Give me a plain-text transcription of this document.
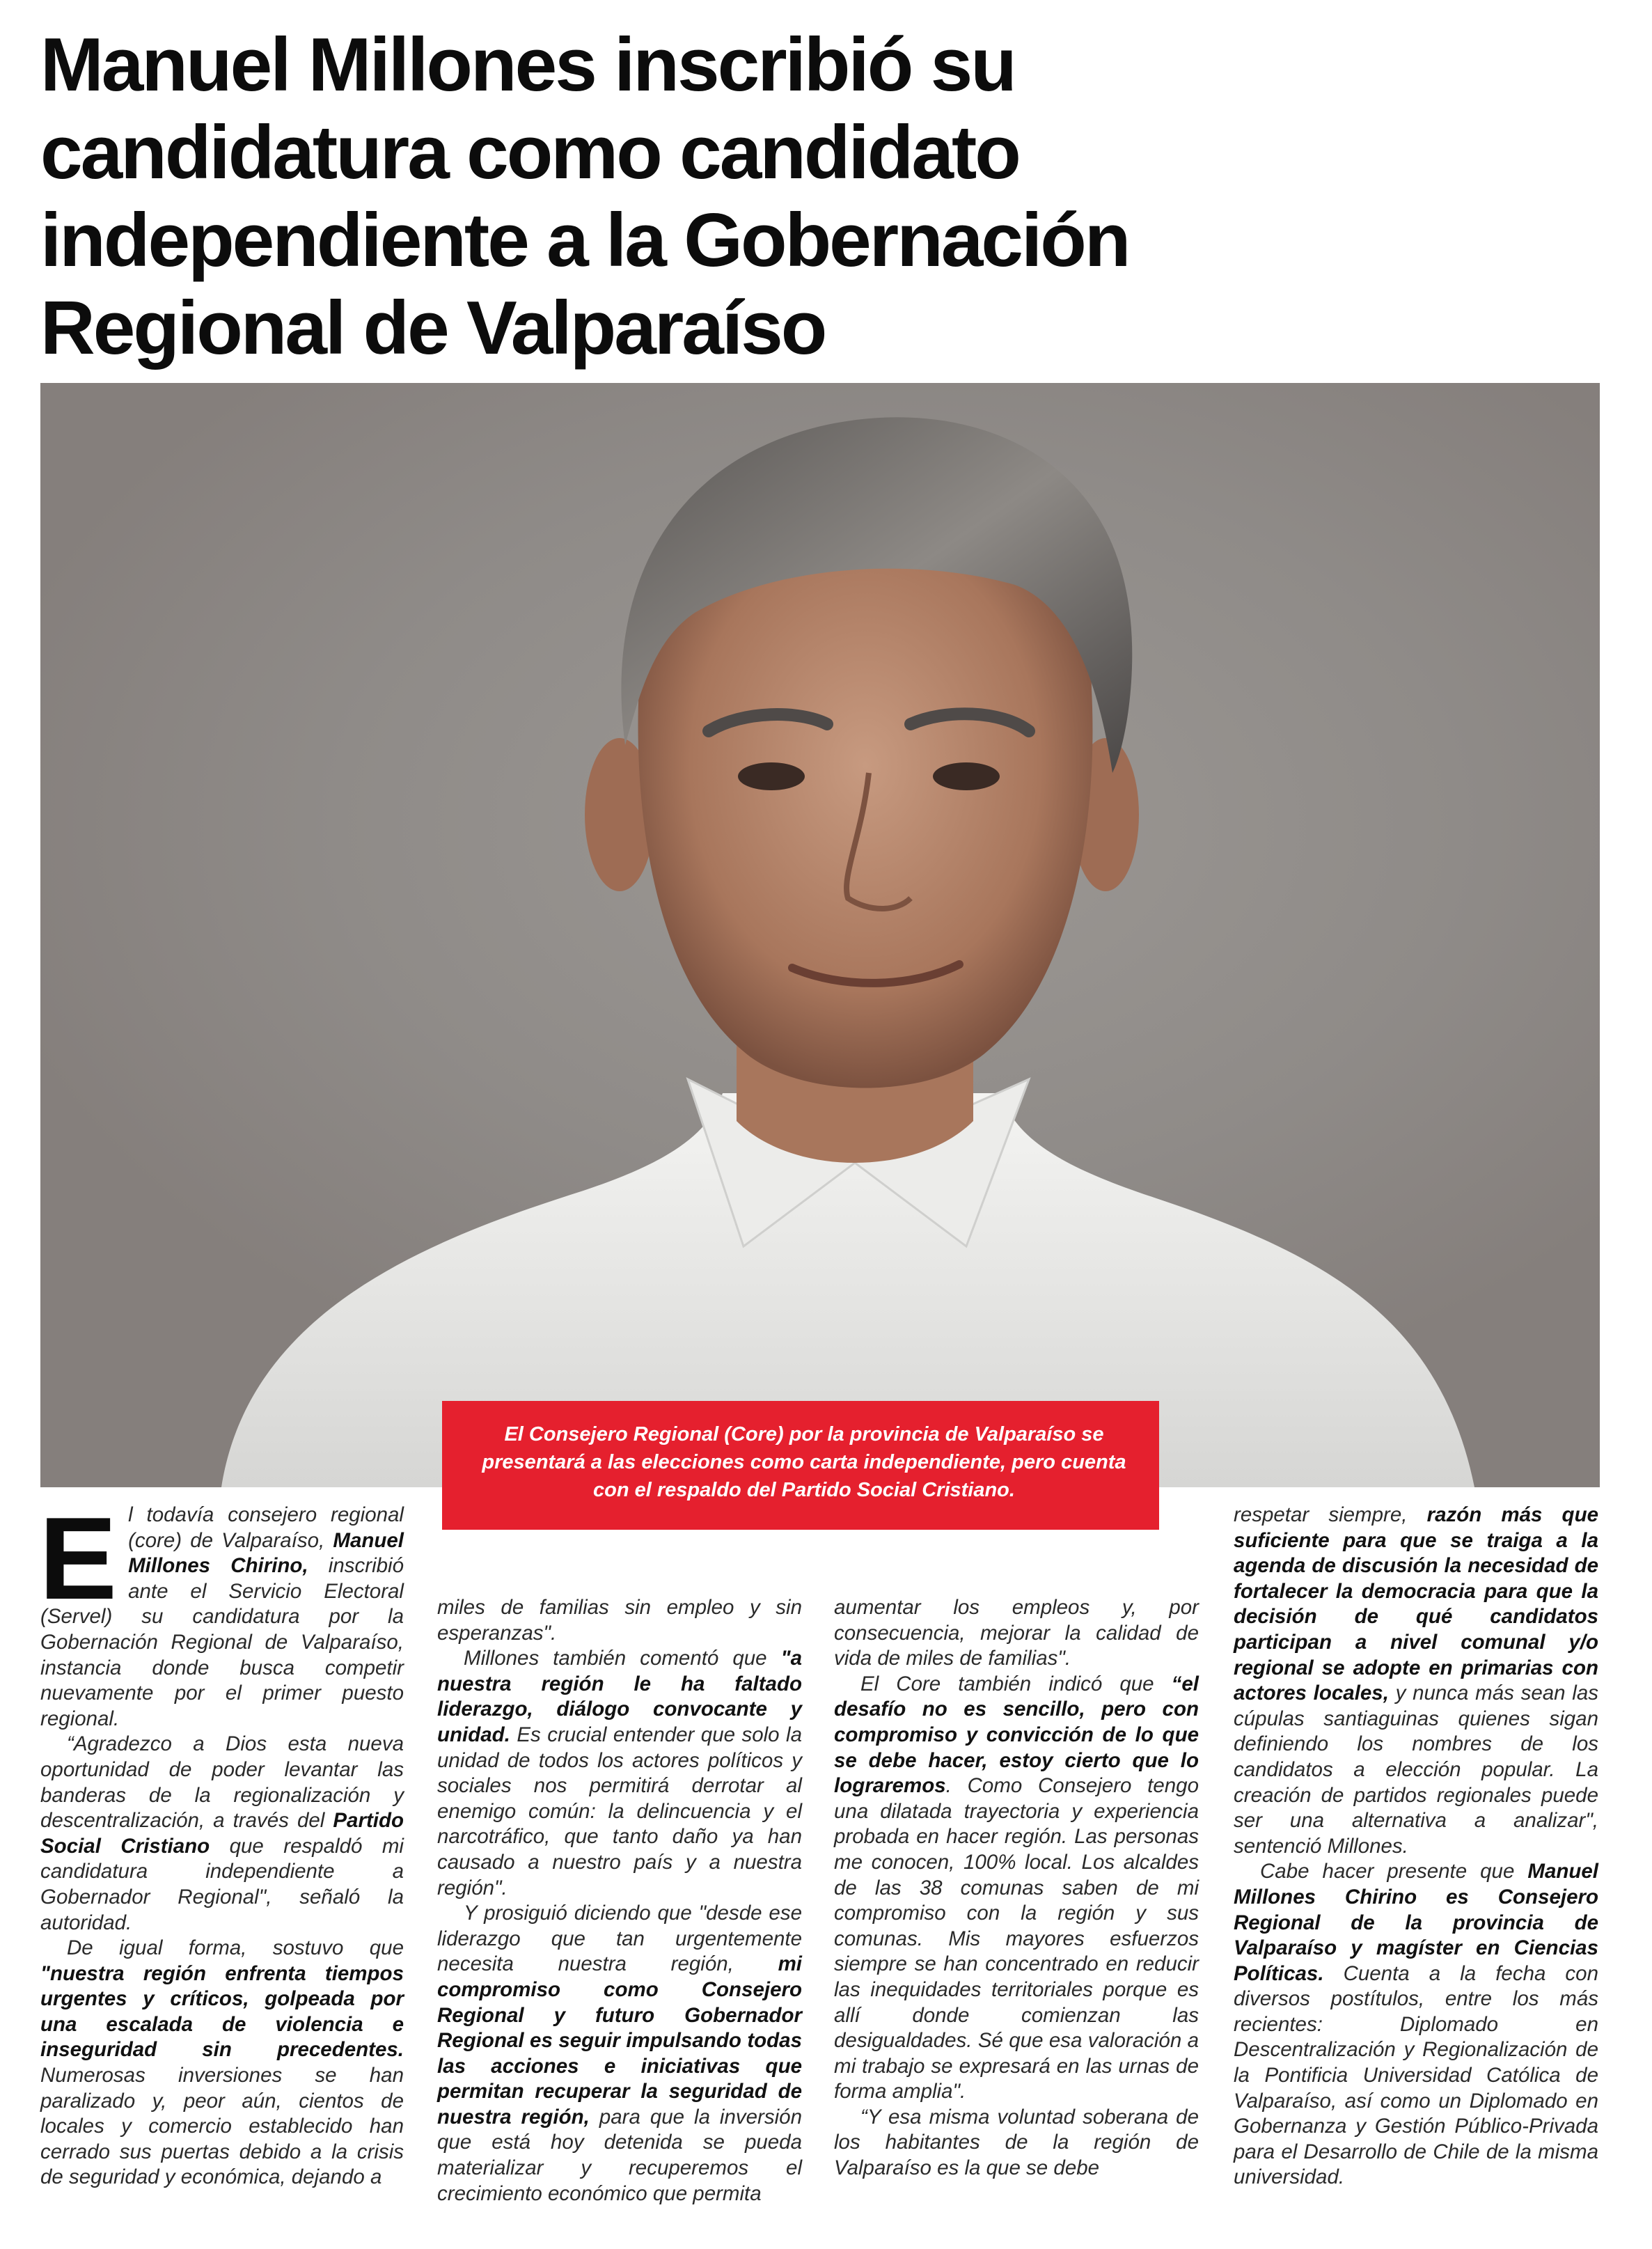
Manuel Millones inscribió su
candidatura como candidato
independiente a la Gobernación
Regional de Valparaíso
El Consejero Regional (Core) por la provincia de Valparaíso se presentará a las elecciones como carta independiente, pero cuenta con el respaldo del Partido Social Cristiano.

El todavía consejero regional (core) de Valparaíso, Manuel Millones Chirino, inscribió ante el Servicio Electoral (Servel) su candidatura por la Gobernación Regional de Valparaíso, instancia donde busca competir nuevamente por el primer puesto regional.

“Agradezco a Dios esta nueva oportunidad de poder levantar las banderas de la regionalización y descentralización, a través del Partido Social Cristiano que respaldó mi candidatura independiente a Gobernador Regional", señaló la autoridad.

De igual forma, sostuvo que "nuestra región enfrenta tiempos urgentes y críticos, golpeada por una escalada de violencia e inseguridad sin precedentes. Numerosas inversiones se han paralizado y, peor aún, cientos de locales y comercio establecido han cerrado sus puertas debido a la crisis de seguridad y económica, dejando a

miles de familias sin empleo y sin esperanzas".

Millones también comentó que "a nuestra región le ha faltado liderazgo, diálogo convocante y unidad. Es crucial entender que solo la unidad de todos los actores políticos y sociales nos permitirá derrotar al enemigo común: la delincuencia y el narcotráfico, que tanto daño ya han causado a nuestro país y a nuestra región".

Y prosiguió diciendo que "desde ese liderazgo que tan urgentemente necesita nuestra región, mi compromiso como Consejero Regional y futuro Gobernador Regional es seguir impulsando todas las acciones e iniciativas que permitan recuperar la seguridad de nuestra región, para que la inversión que está hoy detenida se pueda materializar y recuperemos el crecimiento económico que permita

aumentar los empleos y, por consecuencia, mejorar la calidad de vida de miles de familias".

El Core también indicó que “el desafío no es sencillo, pero con compromiso y convicción de lo que se debe hacer, estoy cierto que lo lograremos. Como Consejero tengo una dilatada trayectoria y experiencia probada en hacer región. Las personas me conocen, 100% local. Los alcaldes de las 38 comunas saben de mi compromiso con la región y sus comunas. Mis mayores esfuerzos siempre se han concentrado en reducir las inequidades territoriales porque es allí donde comienzan las desigualdades. Sé que esa valoración a mi trabajo se expresará en las urnas de forma amplia".

“Y esa misma voluntad soberana de los habitantes de la región de Valparaíso es la que se debe

respetar siempre, razón más que suficiente para que se traiga a la agenda de discusión la necesidad de fortalecer la democracia para que la decisión de qué candidatos participan a nivel comunal y/o regional se adopte en primarias con actores locales, y nunca más sean las cúpulas santiaguinas quienes sigan definiendo los nombres de los candidatos a elección popular. La creación de partidos regionales puede ser una alternativa a analizar", sentenció Millones.

Cabe hacer presente que Manuel Millones Chirino es Consejero Regional de la provincia de Valparaíso y magíster en Ciencias Políticas. Cuenta a la fecha con diversos postítulos, entre los más recientes: Diplomado en Descentralización y Regionalización de la Pontificia Universidad Católica de Valparaíso, así como un Diplomado en Gobernanza y Gestión Público-Privada para el Desarrollo de Chile de la misma universidad.
